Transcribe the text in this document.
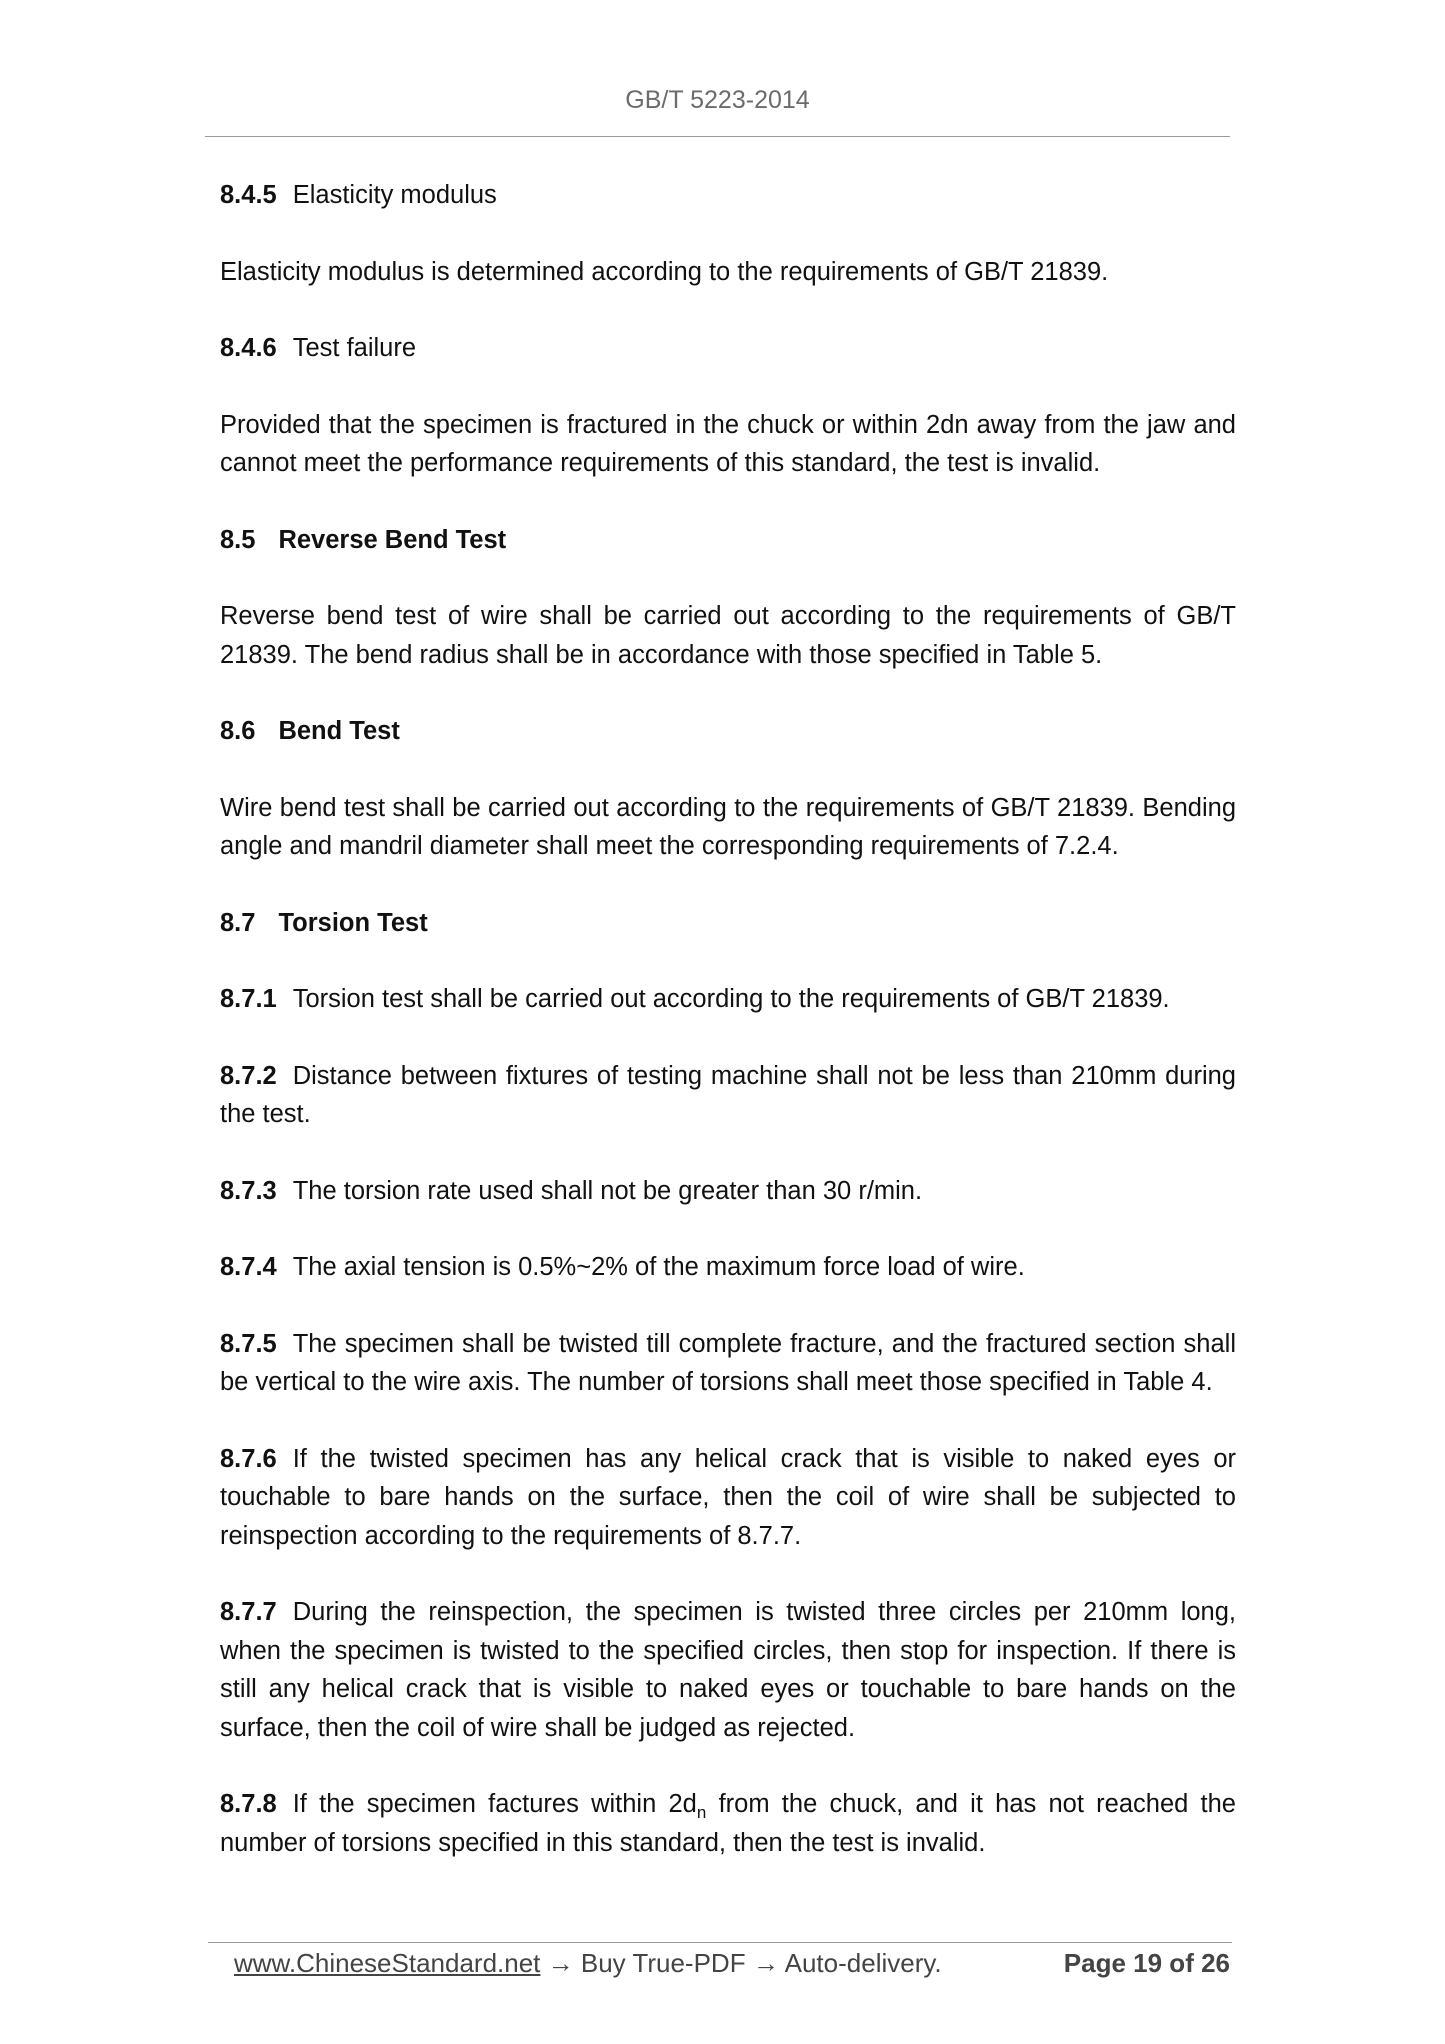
GB/T 5223-2014

8.4.5 Elasticity modulus

Elasticity modulus is determined according to the requirements of GB/T 21839.

8.4.6 Test failure

Provided that the specimen is fractured in the chuck or within 2dn away from the jaw and cannot meet the performance requirements of this standard, the test is invalid.

8.5 Reverse Bend Test

Reverse bend test of wire shall be carried out according to the requirements of GB/T 21839. The bend radius shall be in accordance with those specified in Table 5.

8.6 Bend Test

Wire bend test shall be carried out according to the requirements of GB/T 21839. Bending angle and mandril diameter shall meet the corresponding requirements of 7.2.4.

8.7 Torsion Test

8.7.1 Torsion test shall be carried out according to the requirements of GB/T 21839.

8.7.2 Distance between fixtures of testing machine shall not be less than 210mm during the test.

8.7.3 The torsion rate used shall not be greater than 30 r/min.

8.7.4 The axial tension is 0.5%~2% of the maximum force load of wire.

8.7.5 The specimen shall be twisted till complete fracture, and the fractured section shall be vertical to the wire axis. The number of torsions shall meet those specified in Table 4.

8.7.6 If the twisted specimen has any helical crack that is visible to naked eyes or touchable to bare hands on the surface, then the coil of wire shall be subjected to reinspection according to the requirements of 8.7.7.

8.7.7 During the reinspection, the specimen is twisted three circles per 210mm long, when the specimen is twisted to the specified circles, then stop for inspection. If there is still any helical crack that is visible to naked eyes or touchable to bare hands on the surface, then the coil of wire shall be judged as rejected.

8.7.8 If the specimen factures within $2d_n$ from the chuck, and it has not reached the number of torsions specified in this standard, then the test is invalid.

www.ChineseStandard.net → Buy True-PDF → Auto-delivery.	Page 19 of 26
